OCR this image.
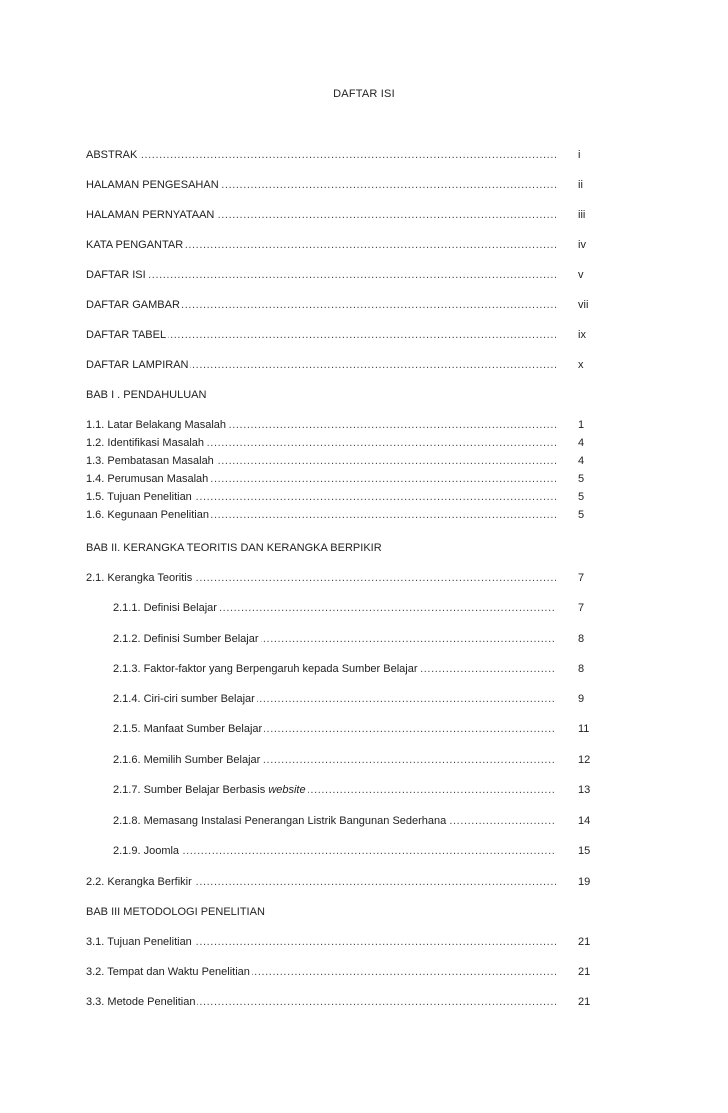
DAFTAR ISI
.....
ABSTRAK	i
.....
HALAMAN PENGESAHAN	ii
.....
HALAMAN PERNYATAAN	iii
.....
KATA PENGANTAR	iv
.....
DAFTAR ISI	v
.....
DAFTAR GAMBAR	vii
.....
DAFTAR TABEL	ix
.....
DAFTAR LAMPIRAN	x
BAB I . PENDAHULUAN
.....
1.1. Latar Belakang Masalah	1
.....
1.2. Identifikasi Masalah	4
.....
1.3. Pembatasan Masalah	4
.....
1.4. Perumusan Masalah	5
.....
1.5. Tujuan Penelitian	5
.....
1.6. Kegunaan Penelitian	5
BAB II. KERANGKA TEORITIS DAN KERANGKA BERPIKIR
.....
2.1. Kerangka Teoritis	7
.....
2.1.1. Definisi Belajar	7
.....
2.1.2. Definisi Sumber Belajar	8
.....
2.1.3. Faktor-faktor yang Berpengaruh kepada Sumber Belajar	8
.....
2.1.4. Ciri-ciri sumber Belajar	9
.....
2.1.5. Manfaat Sumber Belajar	11
.....
2.1.6. Memilih Sumber Belajar	12
.....
2.1.7. Sumber Belajar Berbasis website	13
.....
2.1.8. Memasang Instalasi Penerangan Listrik Bangunan Sederhana	14
.....
2.1.9. Joomla	15
.....
2.2. Kerangka Berfikir	19
BAB III METODOLOGI PENELITIAN
.....
3.1. Tujuan Penelitian	21
.....
3.2. Tempat dan Waktu Penelitian	21
.....
3.3. Metode Penelitian	21
